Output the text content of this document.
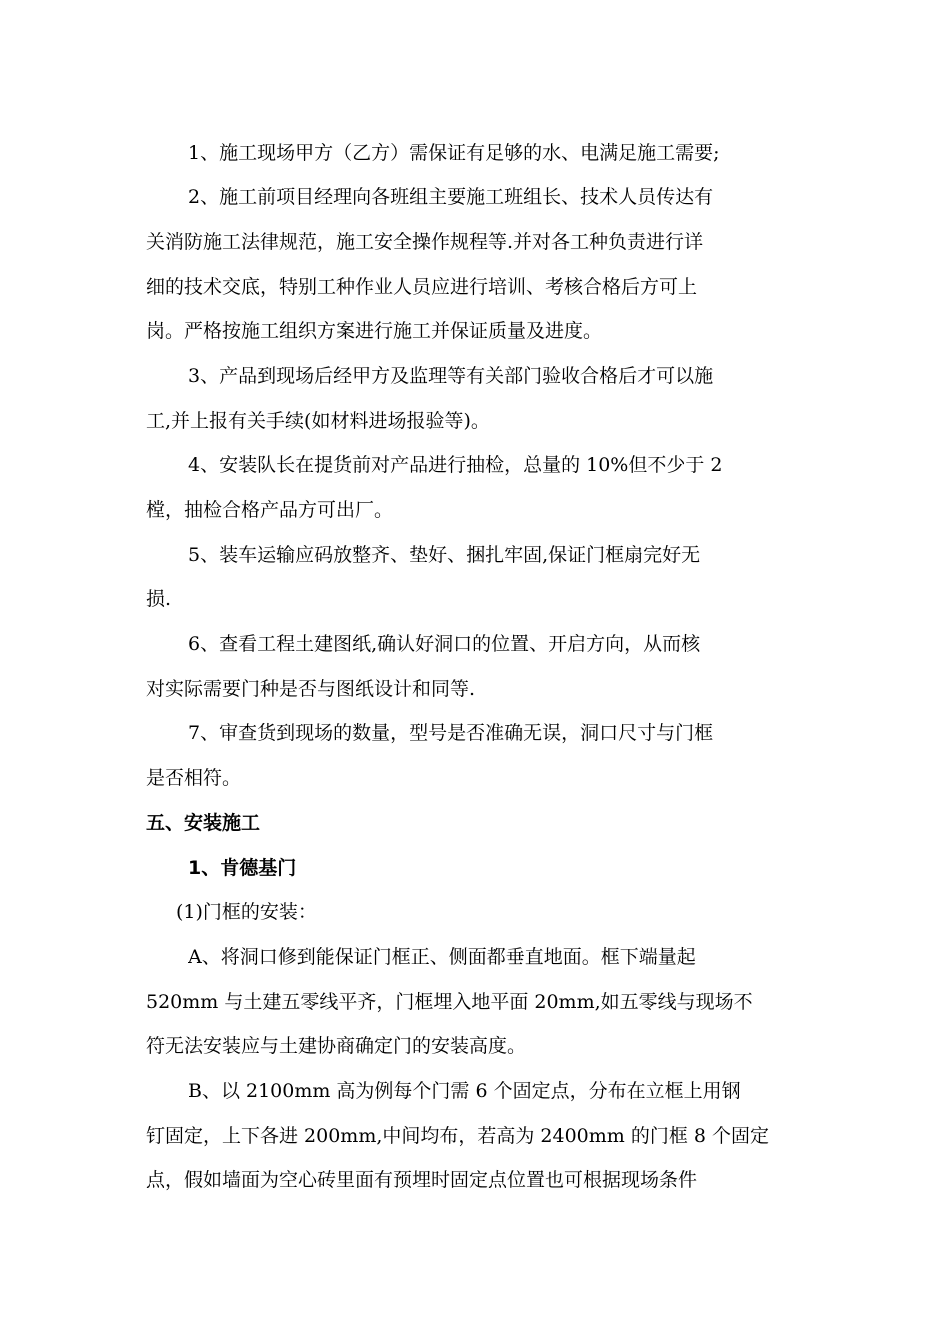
1、施工现场甲方（乙方）需保证有足够的水、电满足施工需要;
2、施工前项目经理向各班组主要施工班组长、技术人员传达有
关消防施工法律规范，施工安全操作规程等.并对各工种负责进行详
细的技术交底，特别工种作业人员应进行培训、考核合格后方可上
岗。严格按施工组织方案进行施工并保证质量及进度。
3、产品到现场后经甲方及监理等有关部门验收合格后才可以施
工,并上报有关手续(如材料进场报验等)。
4、安装队长在提货前对产品进行抽检，总量的 10%但不少于 2
樘，抽检合格产品方可出厂。
5、装车运输应码放整齐、垫好、捆扎牢固,保证门框扇完好无
损.
6、查看工程土建图纸,确认好洞口的位置、开启方向，从而核
对实际需要门种是否与图纸设计和同等.
7、审查货到现场的数量，型号是否准确无误，洞口尺寸与门框
是否相符。
五、安装施工
1、肯德基门
(1)门框的安装：
A、将洞口修到能保证门框正、侧面都垂直地面。框下端量起
520mm 与土建五零线平齐，门框埋入地平面 20mm,如五零线与现场不
符无法安装应与土建协商确定门的安装高度。
B、以 2100mm 高为例每个门需 6 个固定点，分布在立框上用钢
钉固定，上下各进 200mm,中间均布，若高为 2400mm 的门框 8 个固定
点，假如墙面为空心砖里面有预埋时固定点位置也可根据现场条件
